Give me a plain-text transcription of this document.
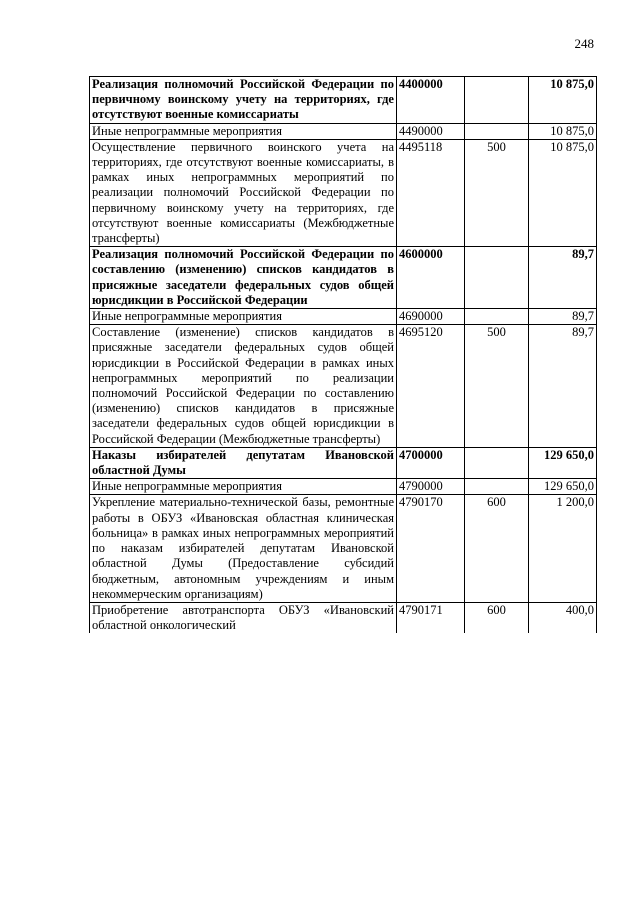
248
Реализация полномочий Российской Федерации по первичному воинскому учету на территориях, где отсутствуют военные комиссариаты	4400000		10 875,0
Иные непрограммные мероприятия	4490000		10 875,0
Осуществление первичного воинского учета на территориях, где отсутствуют военные комиссариаты, в рамках иных непрограммных мероприятий по реализации полномочий Российской Федерации по первичному воинскому учету на территориях, где отсутствуют военные комиссариаты (Межбюджетные трансферты)	4495118	500	10 875,0
Реализация полномочий Российской Федерации по составлению (изменению) списков кандидатов в присяжные заседатели федеральных судов общей юрисдикции в Российской Федерации	4600000		89,7
Иные непрограммные мероприятия	4690000		89,7
Составление (изменение) списков кандидатов в присяжные заседатели федеральных судов общей юрисдикции в Российской Федерации в рамках иных непрограммных мероприятий по реализации полномочий Российской Федерации по составлению (изменению) списков кандидатов в присяжные заседатели федеральных судов общей юрисдикции в Российской Федерации (Межбюджетные трансферты)	4695120	500	89,7
Наказы избирателей депутатам Ивановской областной Думы	4700000		129 650,0
Иные непрограммные мероприятия	4790000		129 650,0
Укрепление материально-технической базы, ремонтные работы в ОБУЗ «Ивановская областная клиническая больница» в рамках иных непрограммных мероприятий по наказам избирателей депутатам Ивановской областной Думы (Предоставление субсидий бюджетным, автономным учреждениям и иным некоммерческим организациям)	4790170	600	1 200,0
Приобретение автотранспорта ОБУЗ «Ивановский областной онкологический	4790171	600	400,0
